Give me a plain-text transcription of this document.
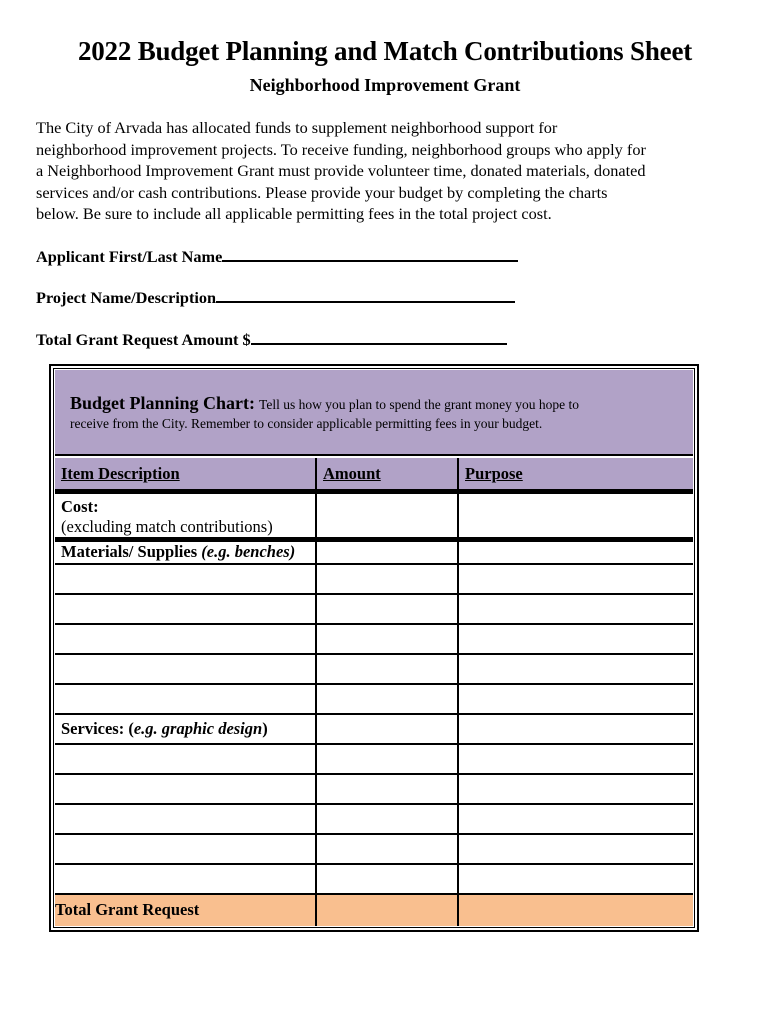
2022 Budget Planning and Match Contributions Sheet
Neighborhood Improvement Grant
The City of Arvada has allocated funds to supplement neighborhood support for
neighborhood improvement projects. To receive funding, neighborhood groups who apply for
a Neighborhood Improvement Grant must provide volunteer time, donated materials, donated
services and/or cash contributions. Please provide your budget by completing the charts
below. Be sure to include all applicable permitting fees in the total project cost.
Applicant First/Last Name
Project Name/Description
Total Grant Request Amount $

Budget Planning Chart: Tell us how you plan to spend the grant money you hope to

receive from the City. Remember to consider applicable permitting fees in your budget.
Item Description	Amount	Purpose
Cost:
(excluding match contributions)
Materials/ Supplies (e.g. benches)
Services: (e.g. graphic design)
Total Grant Request
